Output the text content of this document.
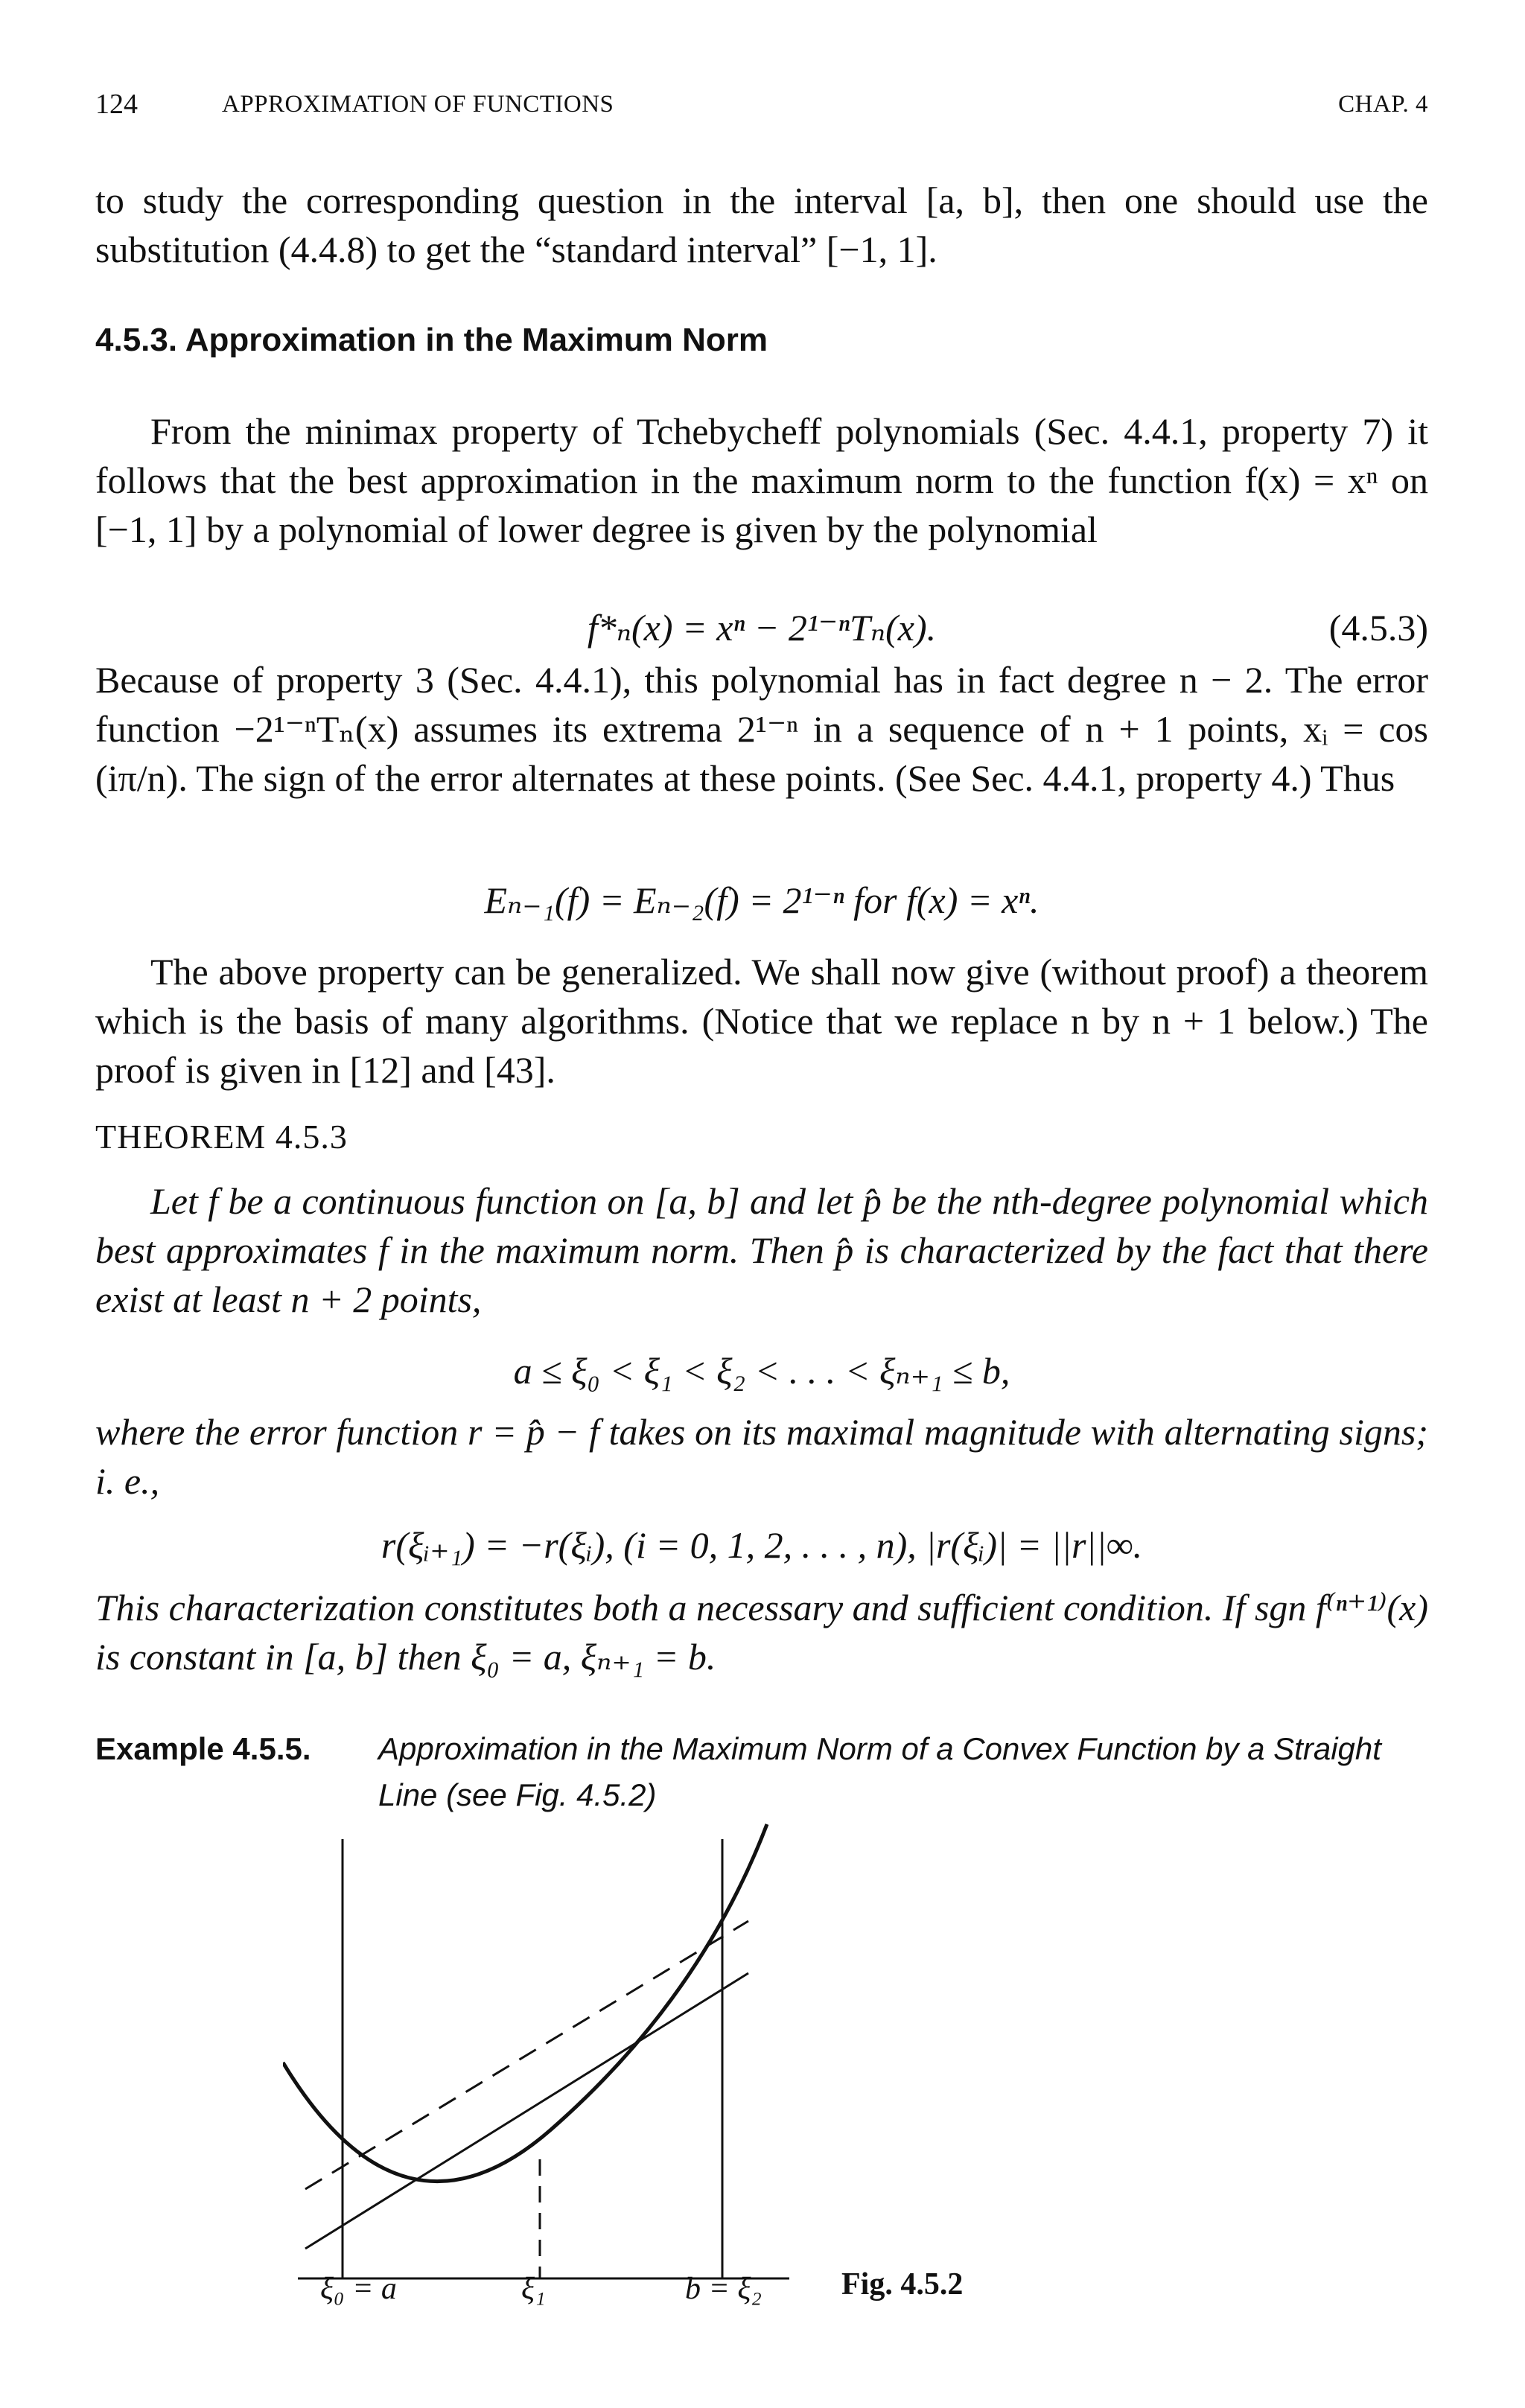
124	APPROXIMATION OF FUNCTIONS	CHAP. 4

to study the corresponding question in the interval [a, b], then one should use the substitution (4.4.8) to get the “standard interval” [−1, 1].

4.5.3. Approximation in the Maximum Norm

From the minimax property of Tchebycheff polynomials (Sec. 4.4.1, property 7) it follows that the best approximation in the maximum norm to the function f(x) = xⁿ on [−1, 1] by a polynomial of lower degree is given by the polynomial

f*ₙ(x) = xⁿ − 2¹⁻ⁿTₙ(x).	(4.5.3)

Because of property 3 (Sec. 4.4.1), this polynomial has in fact degree n − 2. The error function −2¹⁻ⁿTₙ(x) assumes its extrema 2¹⁻ⁿ in a sequence of n + 1 points, xᵢ = cos (iπ/n). The sign of the error alternates at these points. (See Sec. 4.4.1, property 4.) Thus

Eₙ₋₁(f) = Eₙ₋₂(f) = 2¹⁻ⁿ for f(x) = xⁿ.

The above property can be generalized. We shall now give (without proof) a theorem which is the basis of many algorithms. (Notice that we replace n by n + 1 below.) The proof is given in [12] and [43].

THEOREM 4.5.3

Let f be a continuous function on [a, b] and let p̂ be the nth-degree polynomial which best approximates f in the maximum norm. Then p̂ is characterized by the fact that there exist at least n + 2 points,

a ≤ ξ₀ < ξ₁ < ξ₂ < . . . < ξₙ₊₁ ≤ b,

where the error function r = p̂ − f takes on its maximal magnitude with alternating signs; i. e.,

r(ξᵢ₊₁) = −r(ξᵢ), (i = 0, 1, 2, . . . , n), |r(ξᵢ)| = ||r||∞.

This characterization constitutes both a necessary and sufficient condition. If sgn f⁽ⁿ⁺¹⁾(x) is constant in [a, b] then ξ₀ = a, ξₙ₊₁ = b.

Example 4.5.5. Approximation in the Maximum Norm of a Convex Function by a Straight Line (see Fig. 4.5.2)
ξ₀ = a	ξ₁	b = ξ₂	Fig. 4.5.2
